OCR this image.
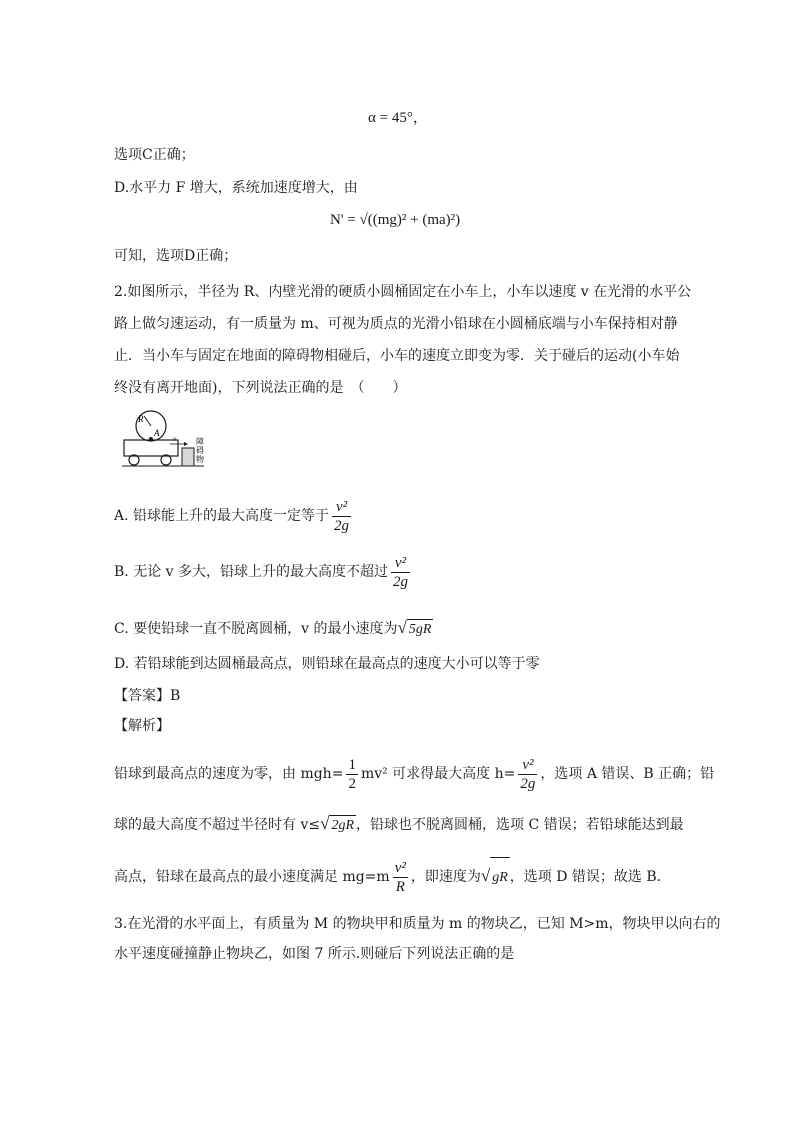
α = 45°，
选项C正确；
D.水平力 F 增大，系统加速度增大，由
N' = √((mg)² + (ma)²)
可知，选项D正确；
2.如图所示，半径为 R、内壁光滑的硬质小圆桶固定在小车上，小车以速度 v 在光滑的水平公
路上做匀速运动，有一质量为 m、可视为质点的光滑小铅球在小圆桶底端与小车保持相对静
止．当小车与固定在地面的障碍物相碰后，小车的速度立即变为零．关于碰后的运动(小车始
终没有离开地面)，下列说法正确的是　（　　）
R
A
v 障
碍
物
A. 铅球能上升的最大高度一定等于 $\frac{\text{v²}}{2g}$
B. 无论 v 多大，铅球上升的最大高度不超过 $\frac{\text{v²}}{2g}$
C. 要使铅球一直不脱离圆桶，v 的最小速度为√ 5gR
D. 若铅球能到达圆桶最高点，则铅球在最高点的速度大小可以等于零
【答案】B
【解析】
铅球到最高点的速度为零，由 $mgh= \frac{1}{2} mv^2$ 可求得最大高度 $h= \frac{\text{v²}}{2g}$ ，选项 A 错误、B 正确；铅
球的最大高度不超过半径时有 v≤√ 2gR ，铅球也不脱离圆桶，选项 C 错误；若铅球能达到最
高点，铅球在最高点的最小速度满足 $mg=m \frac{\text{v²}}{R}$ ，即速度为√ gR ，选项 D 错误；故选 B．
3.在光滑的水平面上，有质量为 M 的物块甲和质量为 m 的物块乙，已知 M>m，物块甲以向右的
水平速度碰撞静止物块乙，如图 7 所示.则碰后下列说法正确的是
